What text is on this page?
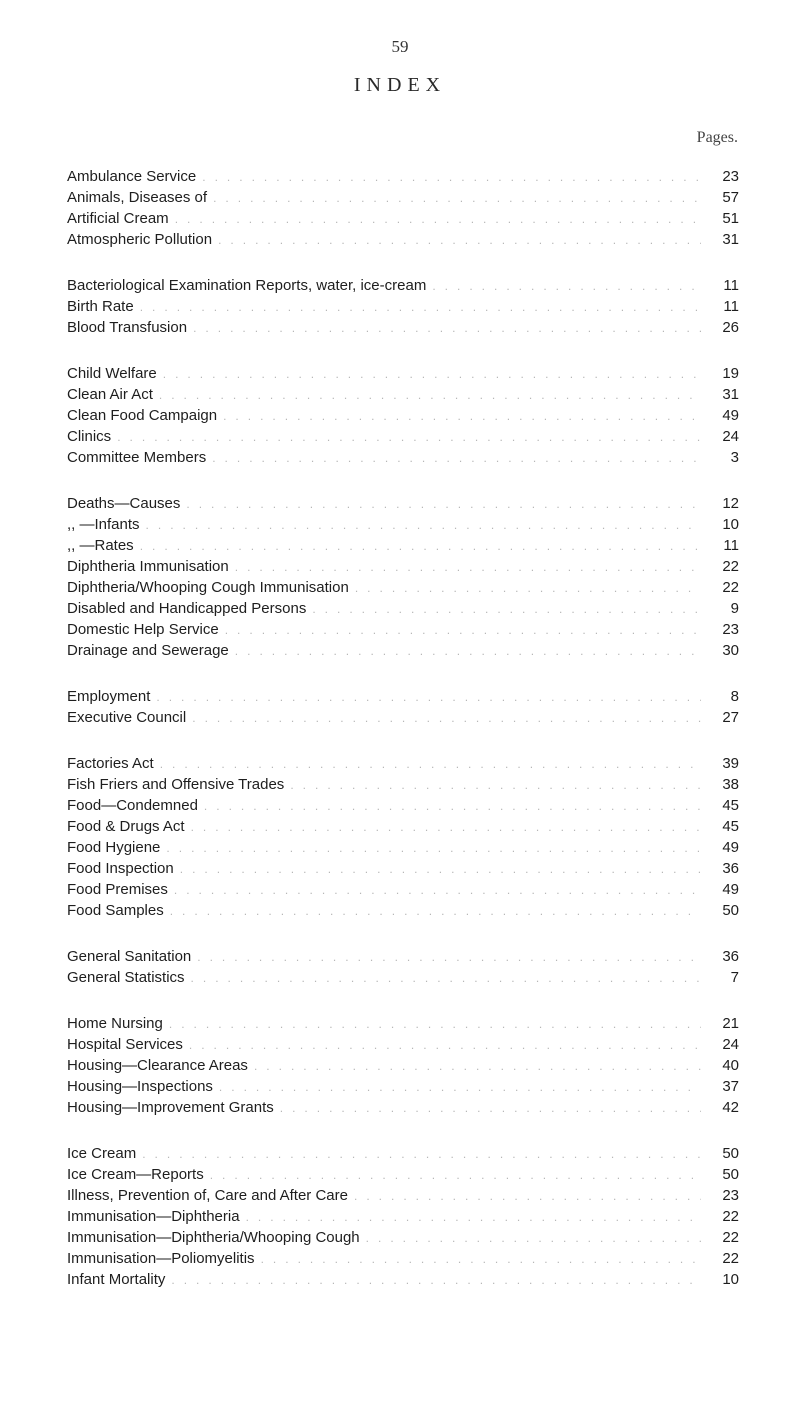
59
INDEX
Pages.
Ambulance Service .....	23
Animals, Diseases of .....	57
Artificial Cream .....	51
Atmospheric Pollution .....	31
Bacteriological Examination Reports, water, ice-cream .....	11
Birth Rate .....	11
Blood Transfusion .....	26
Child Welfare .....	19
Clean Air Act .....	31
Clean Food Campaign .....	49
Clinics .....	24
Committee Members .....	3
Deaths—Causes .....	12
,, —Infants .....	10
,, —Rates .....	11
Diphtheria Immunisation .....	22
Diphtheria/Whooping Cough Immunisation .....	22
Disabled and Handicapped Persons .....	9
Domestic Help Service .....	23
Drainage and Sewerage .....	30
Employment .....	8
Executive Council .....	27
Factories Act .....	39
Fish Friers and Offensive Trades .....	38
Food—Condemned .....	45
Food & Drugs Act .....	45
Food Hygiene .....	49
Food Inspection .....	36
Food Premises .....	49
Food Samples .....	50
General Sanitation .....	36
General Statistics .....	7
Home Nursing .....	21
Hospital Services .....	24
Housing—Clearance Areas .....	40
Housing—Inspections .....	37
Housing—Improvement Grants .....	42
Ice Cream .....	50
Ice Cream—Reports .....	50
Illness, Prevention of, Care and After Care .....	23
Immunisation—Diphtheria .....	22
Immunisation—Diphtheria/Whooping Cough .....	22
Immunisation—Poliomyelitis .....	22
Infant Mortality .....	10
